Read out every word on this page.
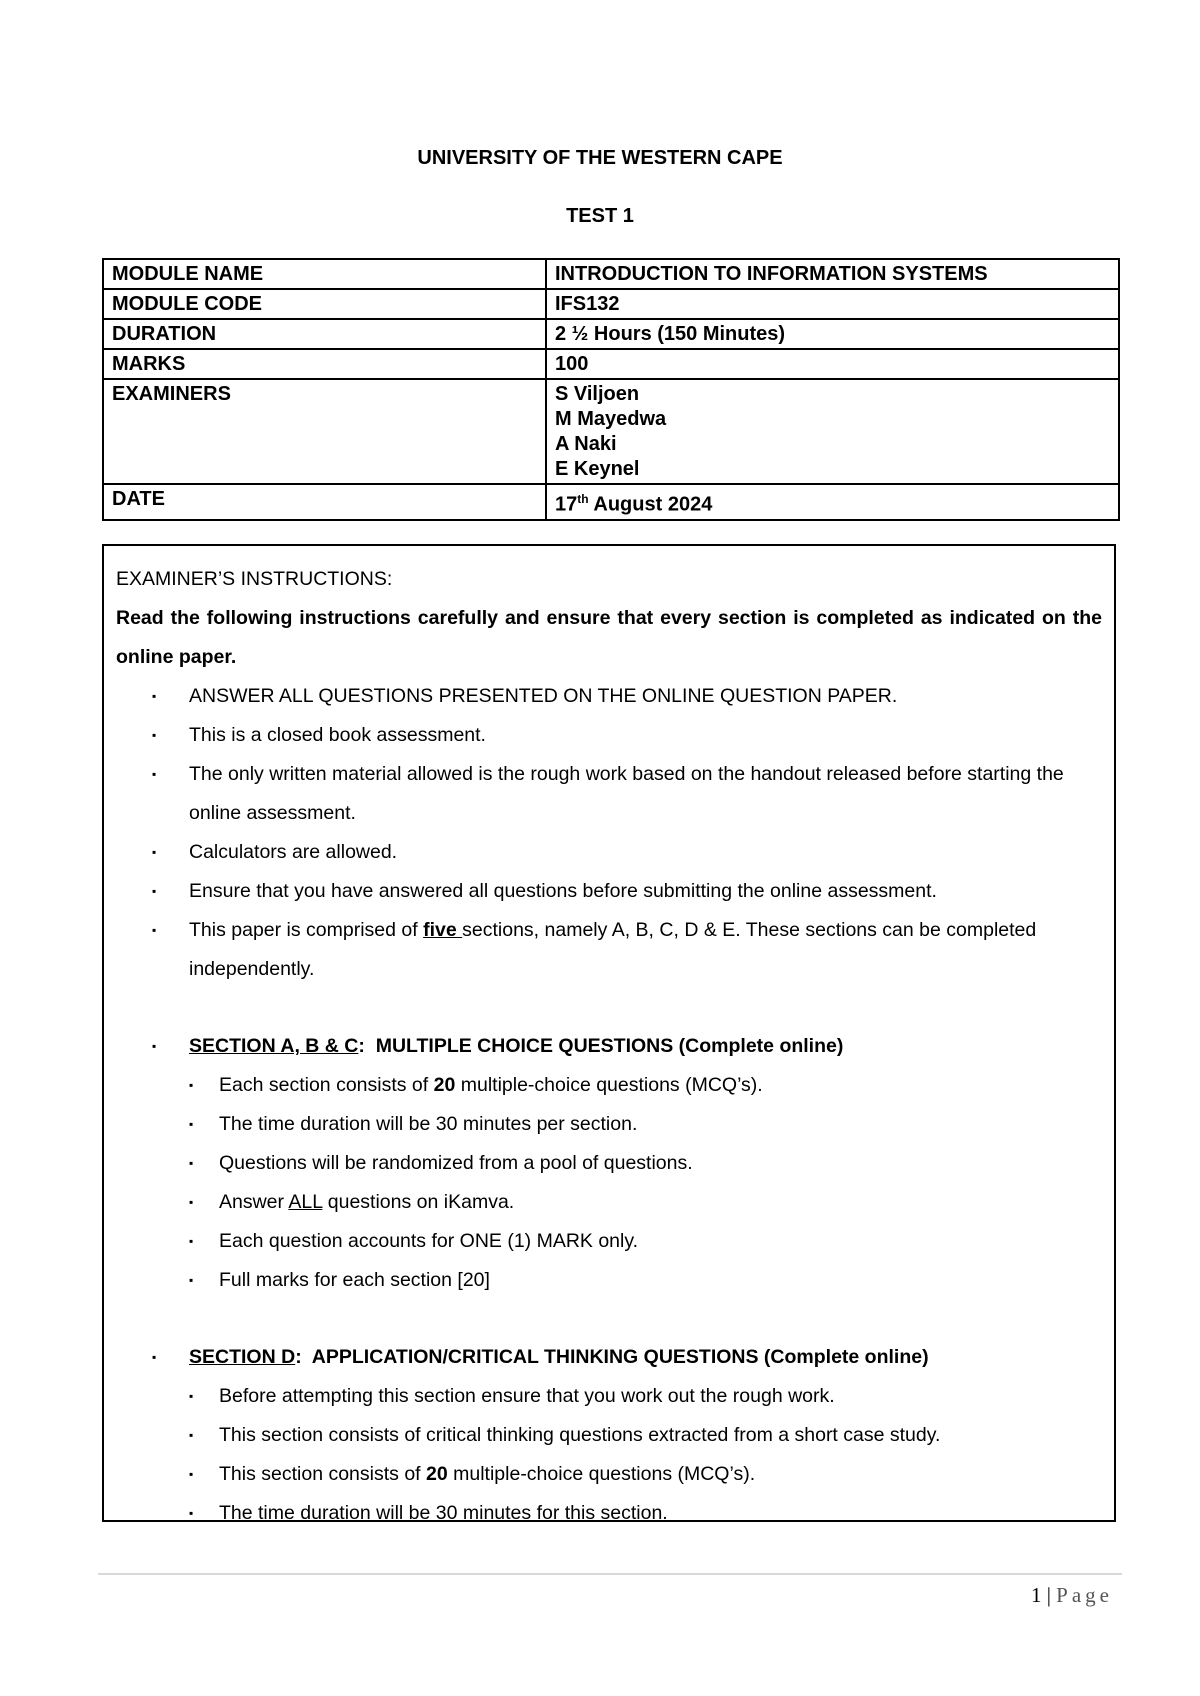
UNIVERSITY OF THE WESTERN CAPE
TEST 1
MODULE NAME	INTRODUCTION TO INFORMATION SYSTEMS
MODULE CODE	IFS132
DURATION	2 ½ Hours (150 Minutes)
MARKS	100
EXAMINERS	S Viljoen
M Mayedwa
A Naki
E Keynel

DATE	17th August 2024

EXAMINER’S INSTRUCTIONS:

Read the following instructions carefully and ensure that every section is completed as indicated on the online paper.

▪ ANSWER ALL QUESTIONS PRESENTED ON THE ONLINE QUESTION PAPER.
▪ This is a closed book assessment.
▪ The only written material allowed is the rough work based on the handout released before starting the online assessment.
▪ Calculators are allowed.
▪ Ensure that you have answered all questions before submitting the online assessment.
▪ This paper is comprised of five sections, namely A, B, C, D & E. These sections can be completed independently.
▪ SECTION A, B & C:  MULTIPLE CHOICE QUESTIONS (Complete online)
▪ Each section consists of 20 multiple-choice questions (MCQ’s).
▪ The time duration will be 30 minutes per section.
▪ Questions will be randomized from a pool of questions.
▪ Answer ALL questions on iKamva.
▪ Each question accounts for ONE (1) MARK only.
▪ Full marks for each section [20]
▪ SECTION D:  APPLICATION/CRITICAL THINKING QUESTIONS (Complete online)
▪ Before attempting this section ensure that you work out the rough work.
▪ This section consists of critical thinking questions extracted from a short case study.
▪ This section consists of 20 multiple-choice questions (MCQ’s).
▪ The time duration will be 30 minutes for this section.
1 | Page
